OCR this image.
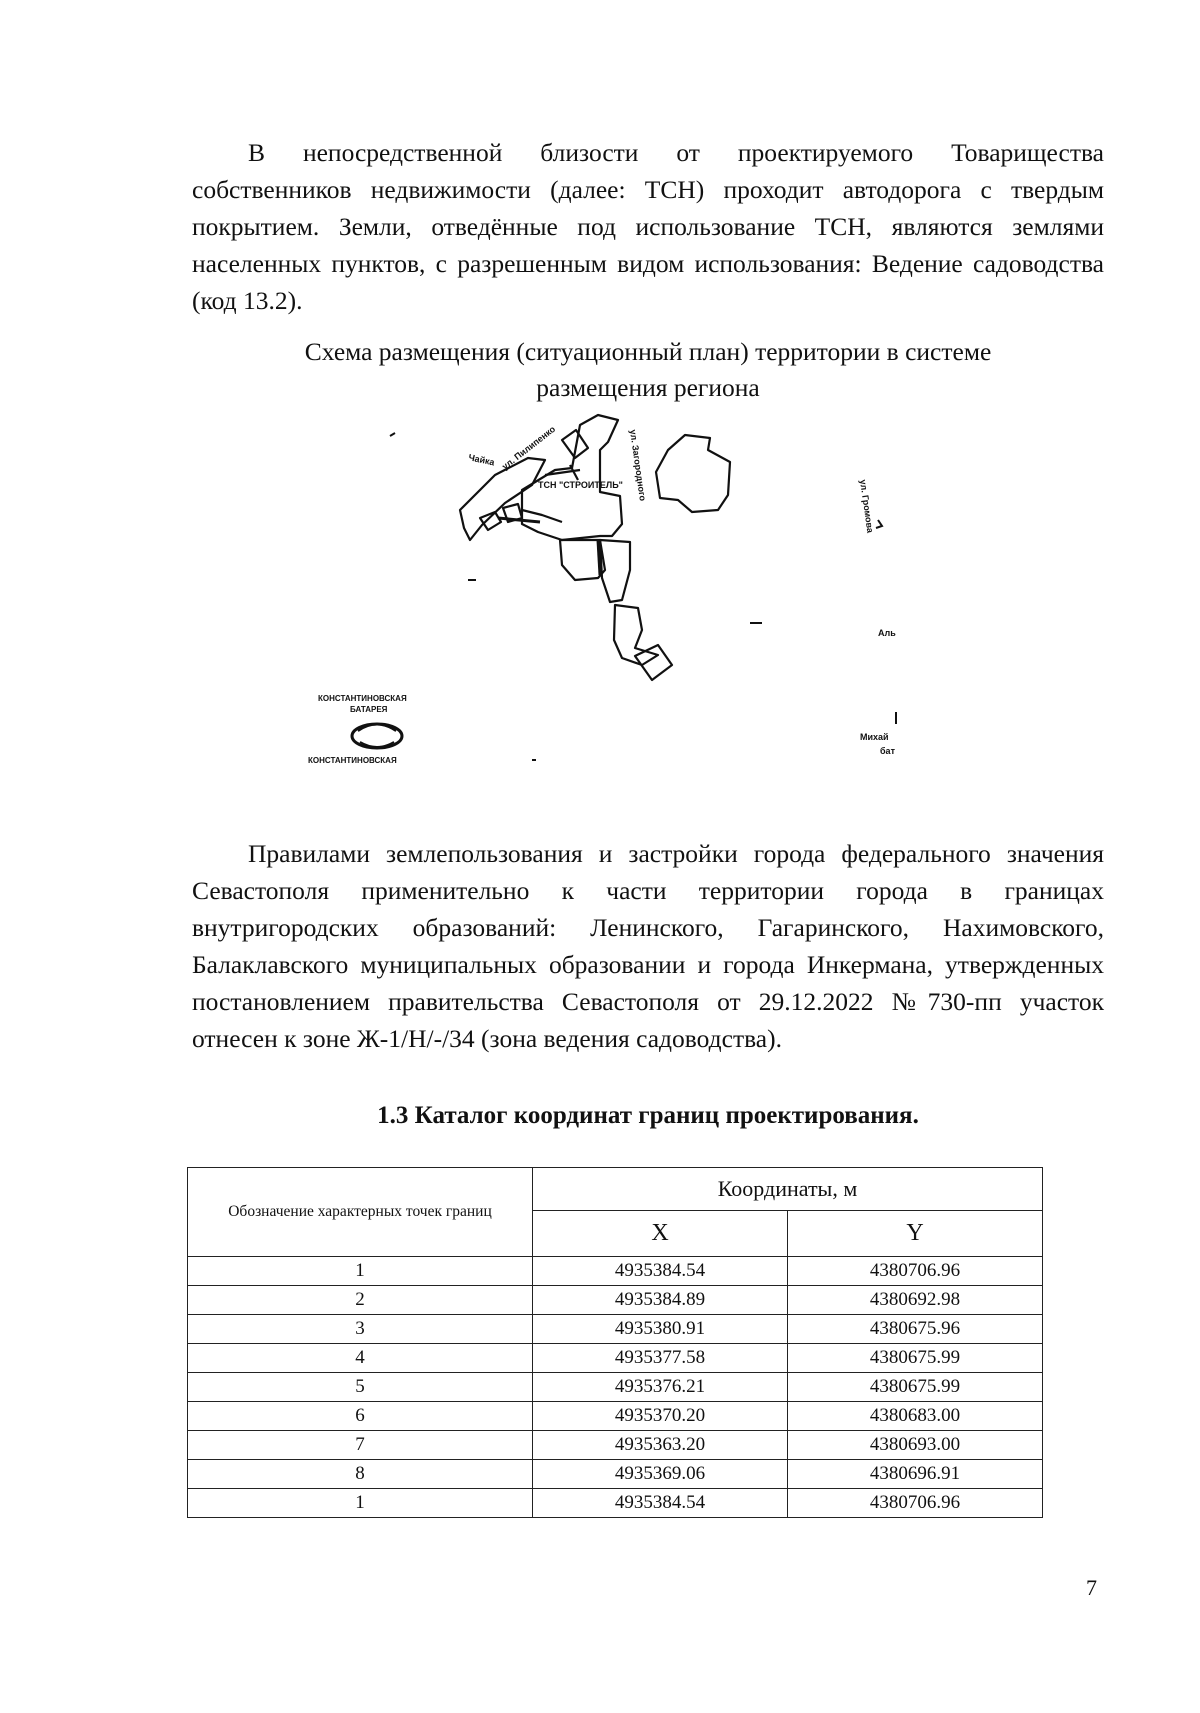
В непосредственной близости от проектируемого Товарищества собственников недвижимости (далее: ТСН) проходит автодорога с твердым покрытием. Земли, отведённые под использование ТСН, являются землями населенных пунктов, с разрешенным видом использования: Ведение садоводства (код 13.2).
Схема размещения (ситуационный план) территории в системе
размещения региона
Чайка ул. Пилипенко	ул. Загородного
ТСН "СТРОИТЕЛЬ"	ул. Громова
Аль
Михай
бат
КОНСТАНТИНОВСКАЯ
БАТАРЕЯ
КОНСТАНТИНОВСКАЯ
Правилами землепользования и застройки города федерального значения Севастополя применительно к части территории города в границах внутригородских образований: Ленинского, Гагаринского, Нахимовского, Балаклавского муниципальных образовании и города Инкермана, утвержденных постановлением правительства Севастополя от 29.12.2022 №730-пп участок отнесен к зоне Ж-1/Н/-/34 (зона ведения садоводства).
1.3 Каталог координат границ проектирования.
Обозначение характерных точек границ	Координаты, м	
	X	Y
1	4935384.54	4380706.96
2	4935384.89	4380692.98
3	4935380.91	4380675.96
4	4935377.58	4380675.99
5	4935376.21	4380675.99
6	4935370.20	4380683.00
7	4935363.20	4380693.00
8	4935369.06	4380696.91
1	4935384.54	4380706.96
7
